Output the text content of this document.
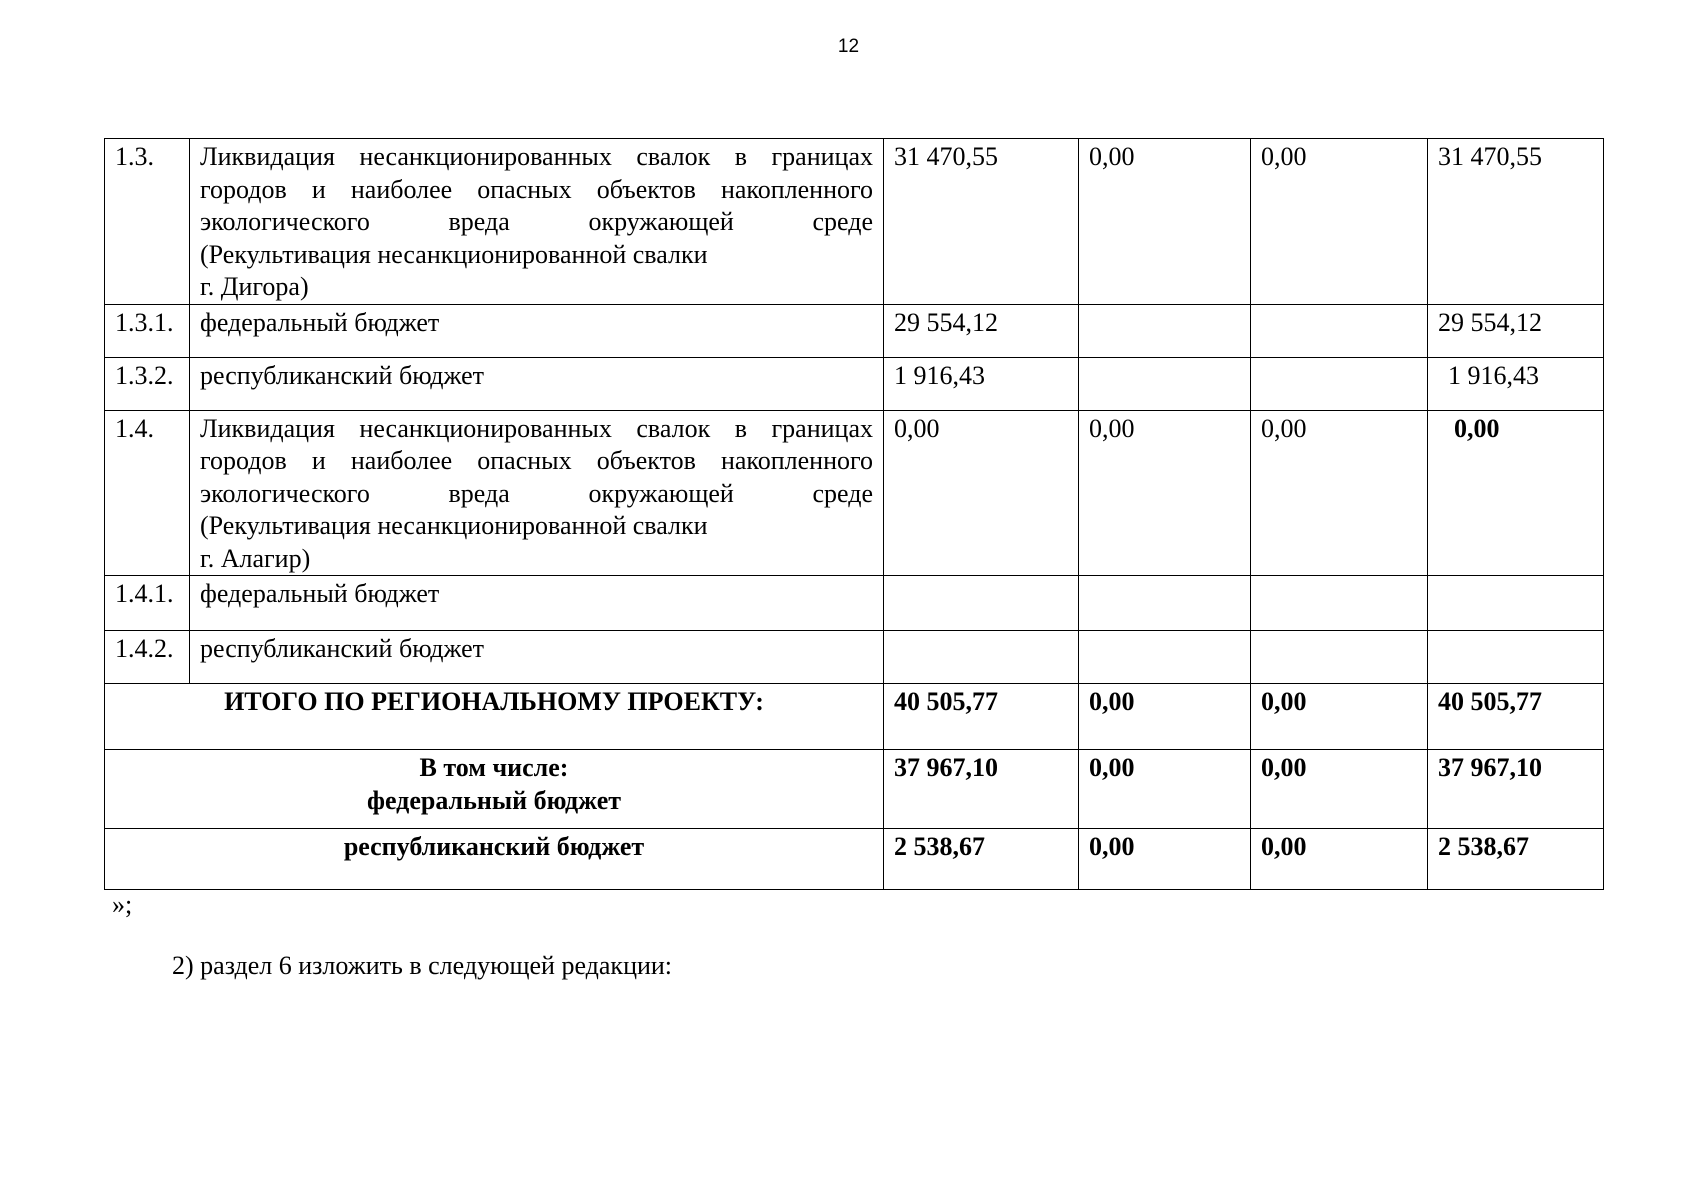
12
1.3.	Ликвидация несанкционированных свалок в границах
городов и наиболее опасных объектов накопленного
экологического вреда окружающей среде
(Рекультивация несанкционированной свалки
г. Дигора)	31 470,55	0,00	0,00	31 470,55
1.3.1.	федеральный бюджет	29 554,12			29 554,12
1.3.2.	республиканский бюджет	1 916,43			1 916,43
1.4.	Ликвидация несанкционированных свалок в границах
городов и наиболее опасных объектов накопленного
экологического вреда окружающей среде
(Рекультивация несанкционированной свалки
г. Алагир)	0,00	0,00	0,00	0,00
1.4.1.	федеральный бюджет				
1.4.2.	республиканский бюджет				
ИТОГО ПО РЕГИОНАЛЬНОМУ ПРОЕКТУ:		40 505,77	0,00	0,00	40 505,77

В том числе:
федеральный бюджет		37 967,10	0,00	0,00	37 967,10
республиканский бюджет		2 538,67	0,00	0,00	2 538,67
»;
2) раздел 6 изложить в следующей редакции:
